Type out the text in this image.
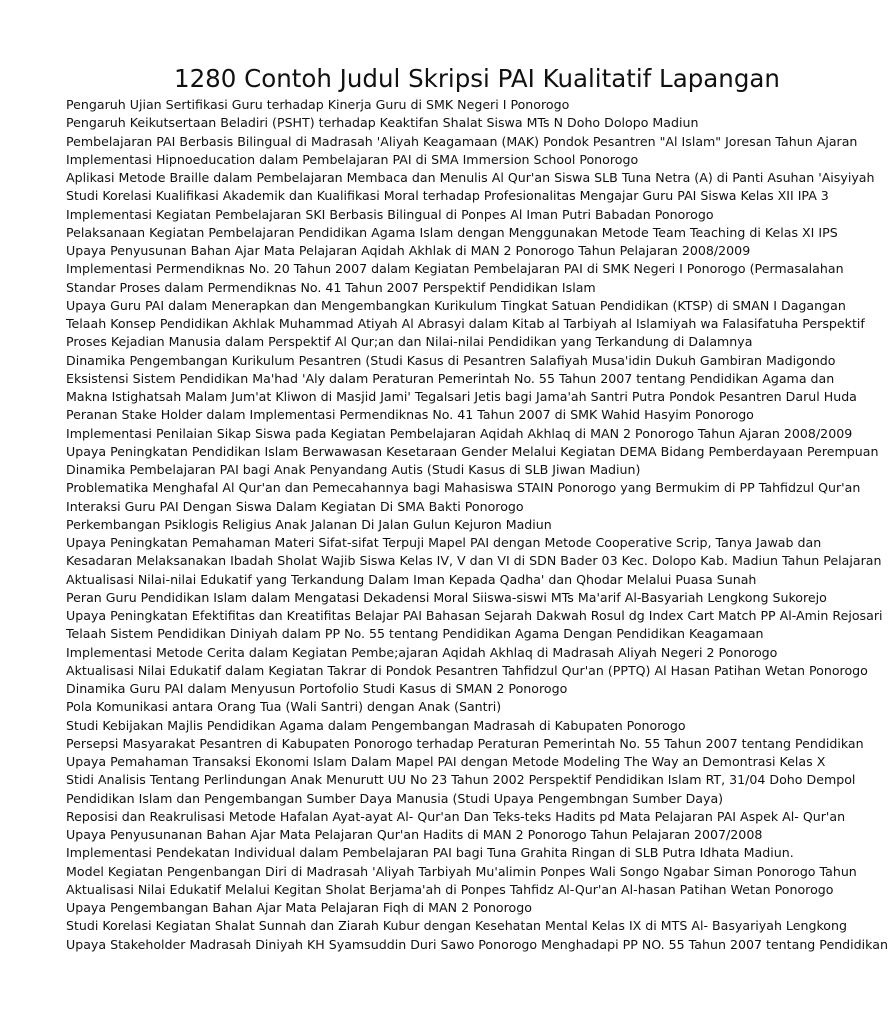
1280 Contoh Judul Skripsi PAI Kualitatif Lapangan
Pengaruh Ujian Sertifikasi Guru terhadap Kinerja Guru di SMK Negeri I Ponorogo
Pengaruh Keikutsertaan Beladiri (PSHT) terhadap Keaktifan Shalat Siswa MTs N Doho Dolopo Madiun
Pembelajaran PAI Berbasis Bilingual di Madrasah 'Aliyah Keagamaan (MAK) Pondok Pesantren "Al Islam" Joresan Tahun Ajaran
Implementasi Hipnoeducation dalam Pembelajaran PAI di SMA Immersion School Ponorogo
Aplikasi Metode Braille dalam Pembelajaran Membaca dan Menulis Al Qur'an Siswa SLB Tuna Netra (A) di Panti Asuhan 'Aisyiyah
Studi Korelasi Kualifikasi Akademik dan Kualifikasi Moral terhadap Profesionalitas Mengajar Guru PAI Siswa Kelas XII IPA 3
Implementasi Kegiatan Pembelajaran SKI Berbasis Bilingual di Ponpes Al Iman Putri Babadan Ponorogo
Pelaksanaan Kegiatan Pembelajaran Pendidikan Agama Islam dengan Menggunakan Metode Team Teaching di Kelas XI IPS
Upaya Penyusunan Bahan Ajar Mata Pelajaran Aqidah Akhlak di MAN 2 Ponorogo Tahun Pelajaran 2008/2009
Implementasi Permendiknas No. 20 Tahun 2007 dalam Kegiatan Pembelajaran PAI di SMK Negeri I Ponorogo (Permasalahan
Standar Proses dalam Permendiknas No. 41 Tahun 2007 Perspektif Pendidikan Islam
Upaya Guru PAI dalam Menerapkan dan Mengembangkan Kurikulum Tingkat Satuan Pendidikan (KTSP) di SMAN I Dagangan
Telaah Konsep Pendidikan Akhlak Muhammad Atiyah Al Abrasyi dalam Kitab al Tarbiyah al Islamiyah wa Falasifatuha Perspektif
Proses Kejadian Manusia dalam Perspektif Al Qur;an dan Nilai-nilai Pendidikan yang Terkandung di Dalamnya
Dinamika Pengembangan Kurikulum Pesantren (Studi Kasus di Pesantren Salafiyah Musa'idin Dukuh Gambiran Madigondo
Eksistensi Sistem Pendidikan Ma'had 'Aly dalam Peraturan Pemerintah No. 55 Tahun 2007 tentang Pendidikan Agama dan
Makna Istighatsah Malam Jum'at Kliwon di Masjid Jami' Tegalsari Jetis bagi Jama'ah Santri Putra Pondok Pesantren Darul Huda
Peranan Stake Holder dalam Implementasi Permendiknas No. 41 Tahun 2007 di SMK Wahid Hasyim Ponorogo
Implementasi Penilaian Sikap Siswa pada Kegiatan Pembelajaran Aqidah Akhlaq di MAN 2 Ponorogo Tahun Ajaran 2008/2009
Upaya Peningkatan Pendidikan Islam Berwawasan Kesetaraan Gender Melalui Kegiatan DEMA Bidang Pemberdayaan Perempuan
Dinamika Pembelajaran PAI bagi Anak Penyandang Autis (Studi Kasus di SLB Jiwan Madiun)
Problematika Menghafal Al Qur'an dan Pemecahannya bagi Mahasiswa STAIN Ponorogo yang Bermukim di PP Tahfidzul Qur'an
Interaksi Guru PAI Dengan Siswa Dalam Kegiatan Di SMA Bakti Ponorogo
Perkembangan Psiklogis Religius Anak Jalanan Di Jalan Gulun Kejuron Madiun
Upaya Peningkatan Pemahaman Materi Sifat-sifat Terpuji Mapel PAI dengan Metode Cooperative Scrip, Tanya Jawab dan
Kesadaran Melaksanakan Ibadah Sholat Wajib Siswa Kelas IV, V dan VI di SDN Bader 03 Kec. Dolopo Kab. Madiun Tahun Pelajaran
Aktualisasi Nilai-nilai Edukatif yang Terkandung Dalam Iman Kepada Qadha' dan Qhodar Melalui Puasa Sunah
Peran Guru Pendidikan Islam dalam Mengatasi Dekadensi Moral Siiswa-siswi MTs Ma'arif Al-Basyariah Lengkong Sukorejo
Upaya Peningkatan Efektifitas dan Kreatifitas Belajar PAI Bahasan Sejarah Dakwah Rosul dg Index Cart Match PP Al-Amin Rejosari
Telaah Sistem Pendidikan Diniyah dalam PP No. 55 tentang Pendidikan Agama Dengan Pendidikan Keagamaan
Implementasi Metode Cerita dalam Kegiatan Pembe;ajaran Aqidah Akhlaq di Madrasah Aliyah Negeri 2 Ponorogo
Aktualisasi Nilai Edukatif dalam Kegiatan Takrar di Pondok Pesantren Tahfidzul Qur'an (PPTQ) Al Hasan Patihan Wetan Ponorogo
Dinamika Guru PAI dalam Menyusun Portofolio Studi Kasus di SMAN 2 Ponorogo
Pola Komunikasi antara Orang Tua (Wali Santri) dengan Anak (Santri)
Studi Kebijakan Majlis Pendidikan Agama dalam Pengembangan Madrasah di Kabupaten Ponorogo
Persepsi Masyarakat Pesantren di Kabupaten Ponorogo terhadap Peraturan Pemerintah No. 55 Tahun 2007 tentang Pendidikan
Upaya Pemahaman Transaksi Ekonomi Islam Dalam Mapel PAI dengan Metode Modeling The Way an Demontrasi Kelas X
Stidi Analisis Tentang Perlindungan Anak Menurutt UU No 23 Tahun 2002 Perspektif Pendidikan Islam RT, 31/04 Doho Dempol
Pendidikan Islam dan Pengembangan Sumber Daya Manusia (Studi Upaya Pengembngan Sumber Daya)
Reposisi dan Reakrulisasi Metode Hafalan Ayat-ayat Al- Qur'an Dan Teks-teks Hadits pd Mata Pelajaran PAI Aspek Al- Qur'an
Upaya Penyusunanan Bahan Ajar Mata Pelajaran Qur'an Hadits di MAN 2 Ponorogo Tahun Pelajaran 2007/2008
Implementasi Pendekatan Individual dalam Pembelajaran PAI bagi Tuna Grahita Ringan di SLB Putra Idhata Madiun.
Model Kegiatan Pengenbangan Diri di Madrasah 'Aliyah Tarbiyah Mu'alimin Ponpes Wali Songo Ngabar Siman Ponorogo Tahun
Aktualisasi Nilai Edukatif Melalui Kegitan Sholat Berjama'ah di Ponpes Tahfidz Al-Qur'an Al-hasan Patihan Wetan Ponorogo
Upaya Pengembangan Bahan Ajar Mata Pelajaran Fiqh di MAN 2 Ponorogo
Studi Korelasi Kegiatan Shalat Sunnah dan Ziarah Kubur dengan Kesehatan Mental Kelas IX di MTS Al- Basyariyah Lengkong
Upaya Stakeholder Madrasah Diniyah KH Syamsuddin Duri Sawo Ponorogo Menghadapi PP NO. 55 Tahun 2007 tentang Pendidikan
